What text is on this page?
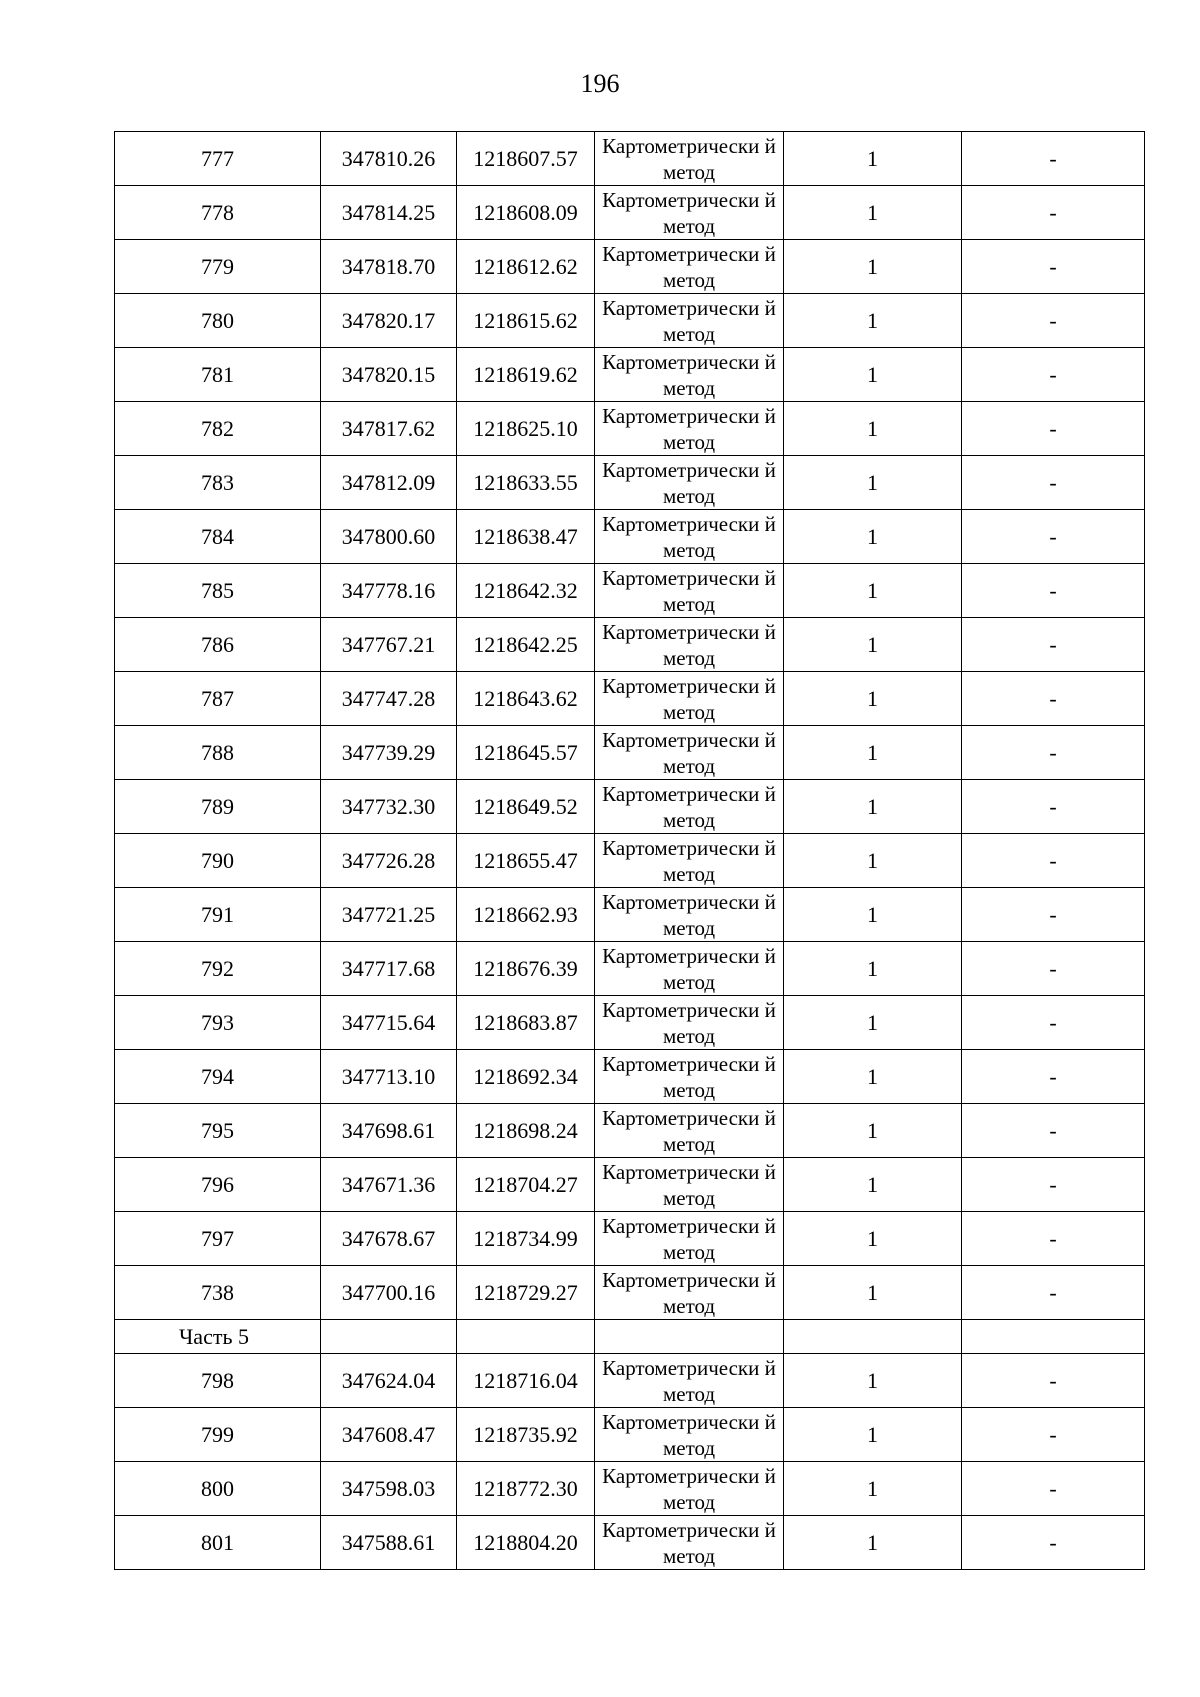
196
777	347810.26	1218607.57	Картометрически й метод	1	-
778	347814.25	1218608.09	Картометрически й метод	1	-
779	347818.70	1218612.62	Картометрически й метод	1	-
780	347820.17	1218615.62	Картометрически й метод	1	-
781	347820.15	1218619.62	Картометрически й метод	1	-
782	347817.62	1218625.10	Картометрически й метод	1	-
783	347812.09	1218633.55	Картометрически й метод	1	-
784	347800.60	1218638.47	Картометрически й метод	1	-
785	347778.16	1218642.32	Картометрически й метод	1	-
786	347767.21	1218642.25	Картометрически й метод	1	-
787	347747.28	1218643.62	Картометрически й метод	1	-
788	347739.29	1218645.57	Картометрически й метод	1	-
789	347732.30	1218649.52	Картометрически й метод	1	-
790	347726.28	1218655.47	Картометрически й метод	1	-
791	347721.25	1218662.93	Картометрически й метод	1	-
792	347717.68	1218676.39	Картометрически й метод	1	-
793	347715.64	1218683.87	Картометрически й метод	1	-
794	347713.10	1218692.34	Картометрически й метод	1	-
795	347698.61	1218698.24	Картометрически й метод	1	-
796	347671.36	1218704.27	Картометрически й метод	1	-
797	347678.67	1218734.99	Картометрически й метод	1	-
738	347700.16	1218729.27	Картометрически й метод	1	-
Часть 5					
798	347624.04	1218716.04	Картометрически й метод	1	-
799	347608.47	1218735.92	Картометрически й метод	1	-
800	347598.03	1218772.30	Картометрически й метод	1	-
801	347588.61	1218804.20	Картометрически й метод	1	-
